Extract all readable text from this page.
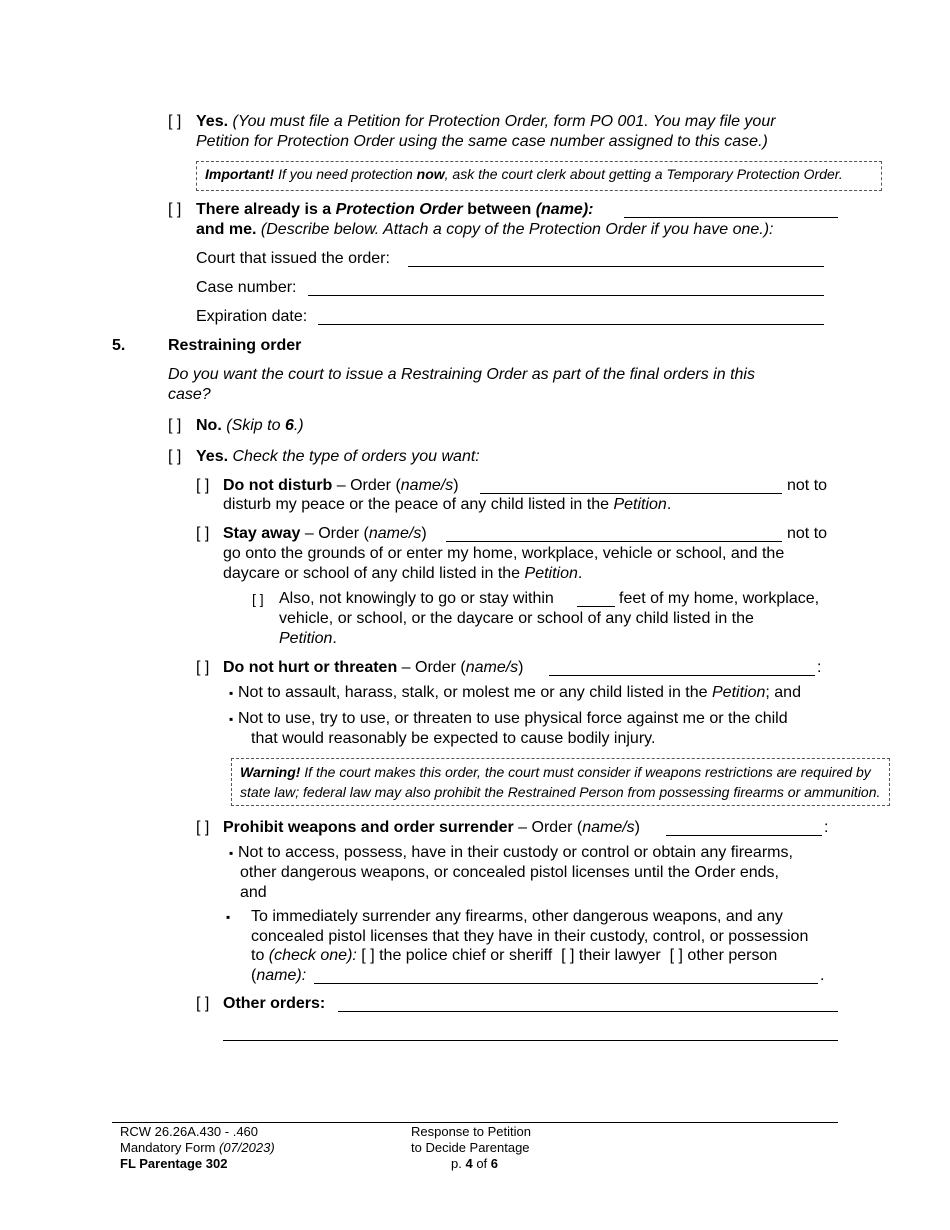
[ ] Yes. (You must file a Petition for Protection Order, form PO 001. You may file your
Petition for Protection Order using the same case number assigned to this case.)
Important! If you need protection now, ask the court clerk about getting a Temporary Protection Order.
[ ] There already is a Protection Order between (name):
and me. (Describe below. Attach a copy of the Protection Order if you have one.):
Court that issued the order:
Case number:
Expiration date:
5.	Restraining order
Do you want the court to issue a Restraining Order as part of the final orders in this
case?
[ ] No. (Skip to 6.)
[ ] Yes. Check the type of orders you want:
[ ] Do not disturb – Order (name/s)	not to
disturb my peace or the peace of any child listed in the Petition.
[ ] Stay away – Order (name/s)	not to
go onto the grounds of or enter my home, workplace, vehicle or school, and the
daycare or school of any child listed in the Petition.
[ ] Also, not knowingly to go or stay within	feet of my home, workplace,
vehicle, or school, or the daycare or school of any child listed in the
Petition.
[ ] Do not hurt or threaten – Order (name/s)	:
▪ Not to assault, harass, stalk, or molest me or any child listed in the Petition; and
▪ Not to use, try to use, or threaten to use physical force against me or the child
that would reasonably be expected to cause bodily injury.
Warning! If the court makes this order, the court must consider if weapons restrictions are required by
state law; federal law may also prohibit the Restrained Person from possessing firearms or ammunition.
[ ] Prohibit weapons and order surrender – Order (name/s)	:
▪ Not to access, possess, have in their custody or control or obtain any firearms,
other dangerous weapons, or concealed pistol licenses until the Order ends,
and
▪ To immediately surrender any firearms, other dangerous weapons, and any
concealed pistol licenses that they have in their custody, control, or possession
to (check one): [ ] the police chief or sheriff [ ] their lawyer [ ] other person
(name):	.
[ ] Other orders:
RCW 26.26A.430 - .460
Mandatory Form (07/2023)
FL Parentage 302
Response to Petition
to Decide Parentage
p. 4 of 6
